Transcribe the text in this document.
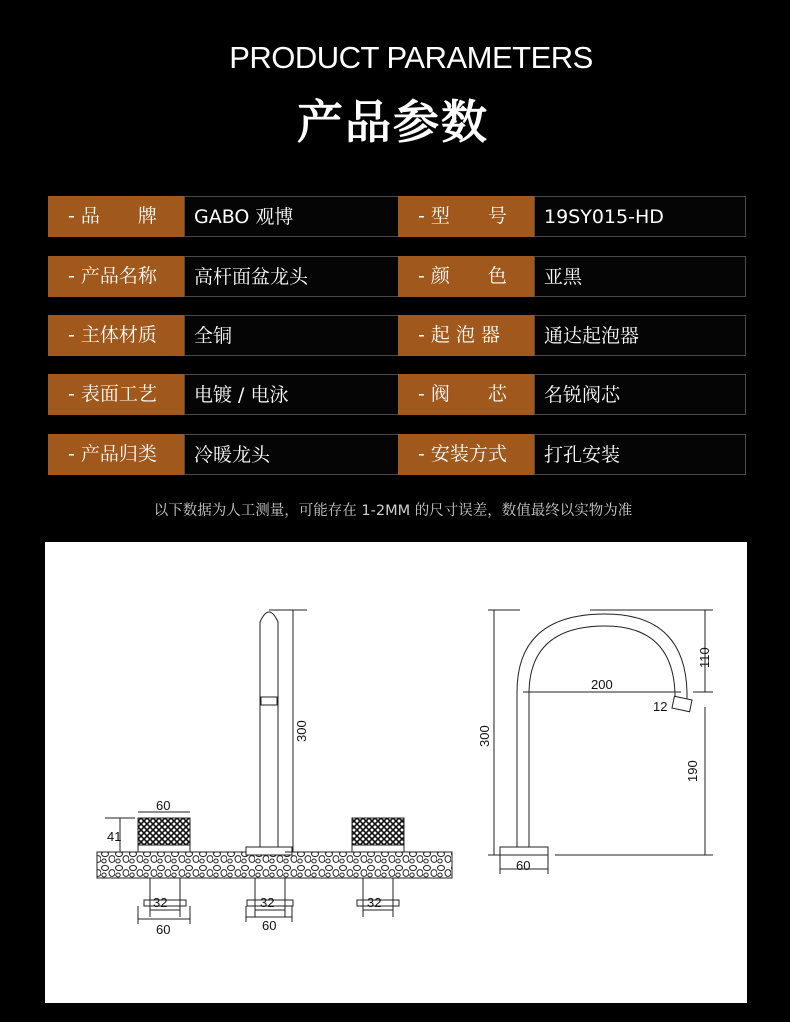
PRODUCT PARAMETERS
产品参数
- 品　　牌	GABO 观博	- 型　　号	19SY015-HD
- 产品名称	高杆面盆龙头	- 颜　　色	亚黑
- 主体材质	全铜	- 起 泡 器	通达起泡器
- 表面工艺	电镀 / 电泳	- 阀　　芯	名锐阀芯
- 产品归类	冷暖龙头	- 安装方式	打孔安装
以下数据为人工测量，可能存在 1-2MM 的尺寸误差，数值最终以实物为准
60
41
32	32	32
60	60
300	300
200
110
12
190
60
